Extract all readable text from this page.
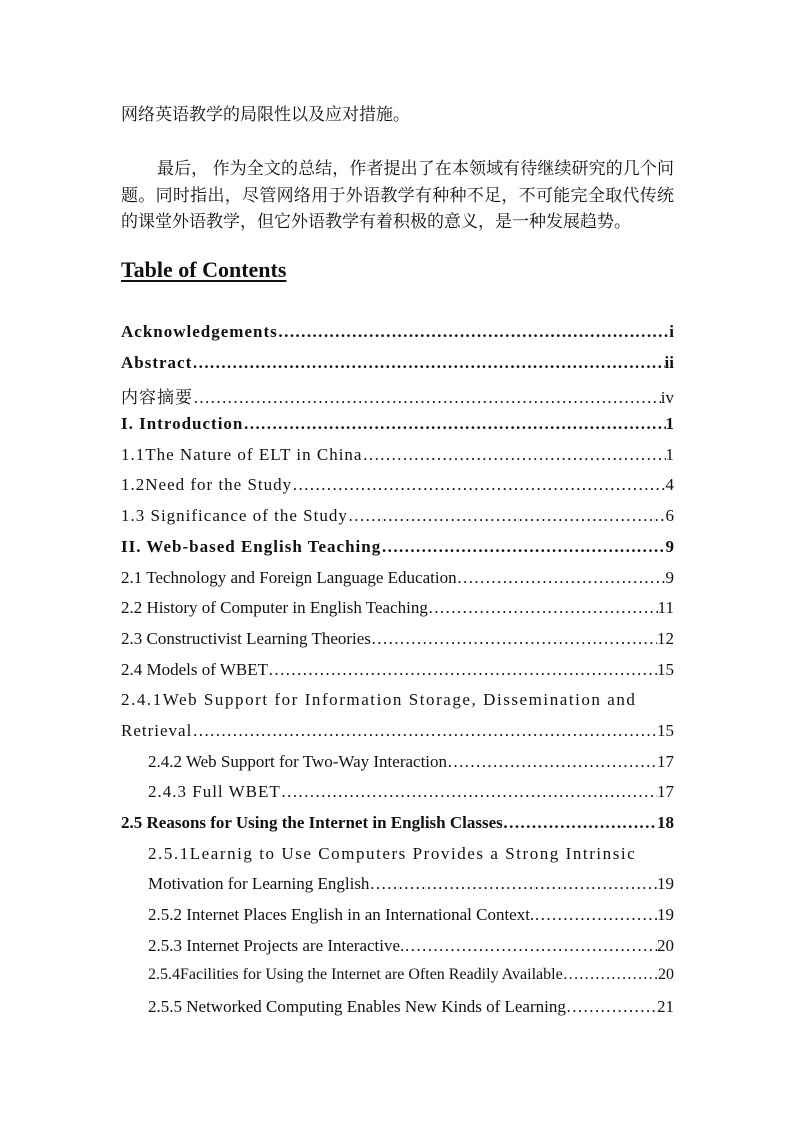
网络英语教学的局限性以及应对措施。

最后， 作为全文的总结，作者提出了在本领域有待继续研究的几个问题。同时指出，尽管网络用于外语教学有种种不足，不可能完全取代传统的课堂外语教学，但它外语教学有着积极的意义，是一种发展趋势。

Table of Contents
Acknowledgements ……………………………………………………………………………………………………………………	i
Abstract ……………………………………………………………………………………………………………………	ii
内容摘要 ……………………………………………………………………………………………………………………	iv
I. Introduction ……………………………………………………………………………………………………………………	1
1.1The Nature of ELT in China ……………………………………………………………………………………………………………………	1
1.2Need for the Study ……………………………………………………………………………………………………………………	4
1.3 Significance of the Study ……………………………………………………………………………………………………………………	6
II. Web-based English Teaching ……………………………………………………………………………………………………………………	9
2.1 Technology and Foreign Language Education ……………………………………………………………………………………………………………………	9
2.2 History of Computer in English Teaching ……………………………………………………………………………………………………………………	11
2.3 Constructivist Learning Theories ……………………………………………………………………………………………………………………	12
2.4 Models of WBET ……………………………………………………………………………………………………………………	15
2.4.1Web Support for Information Storage, Dissemination and
Retrieval ……………………………………………………………………………………………………………………	15
2.4.2 Web Support for Two-Way Interaction ……………………………………………………………………………………………………………………	17
2.4.3 Full WBET ……………………………………………………………………………………………………………………	17
2.5 Reasons for Using the Internet in English Classes ……………………………………………………………………………………………………………………	18
2.5.1Learnig to Use Computers Provides a Strong Intrinsic
Motivation for Learning English ……………………………………………………………………………………………………………………	19
2.5.2 Internet Places English in an International Context. ……………………………………………………………………………………………………………………	19
2.5.3 Internet Projects are Interactive. ……………………………………………………………………………………………………………………	20
2.5.4Facilities for Using the Internet are Often Readily Available ……………………………………………………………………………………………………………………	20
2.5.5 Networked Computing Enables New Kinds of Learning ……………………………………………………………………………………………………………………	21
